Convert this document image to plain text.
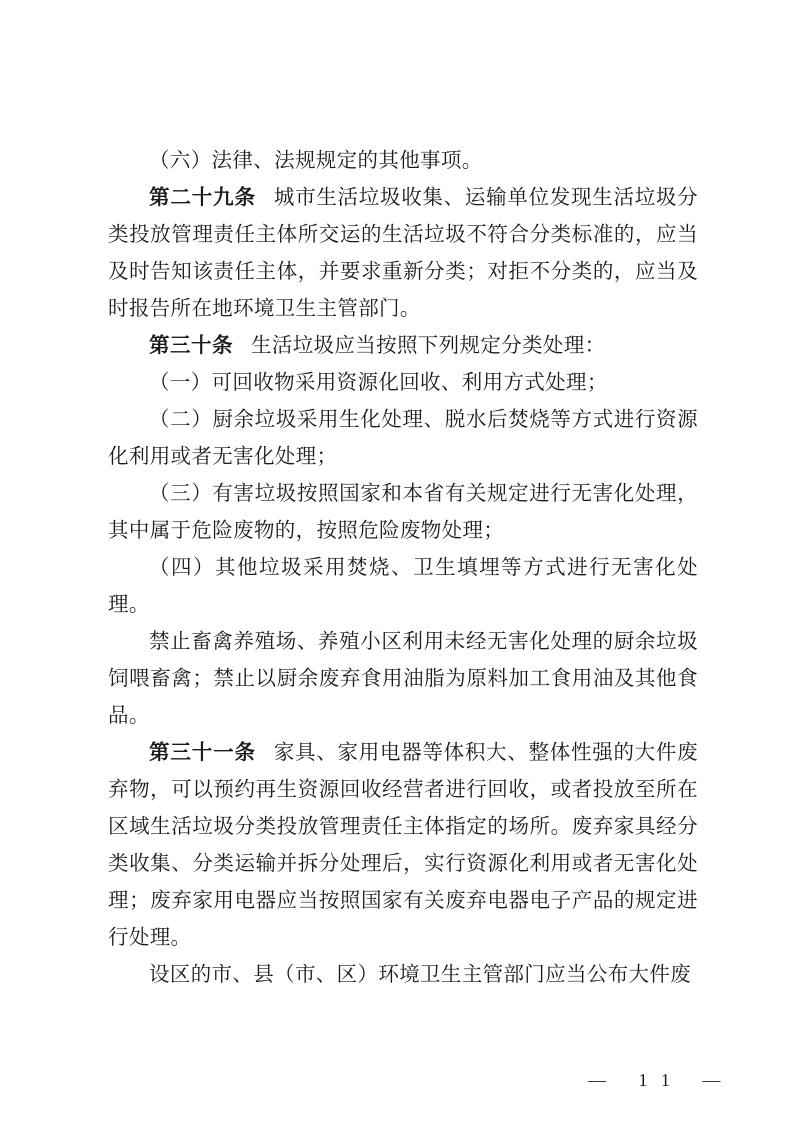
（六）法律、法规规定的其他事项。

第二十九条 城市生活垃圾收集、运输单位发现生活垃圾分类投放管理责任主体所交运的生活垃圾不符合分类标准的，应当及时告知该责任主体，并要求重新分类；对拒不分类的，应当及时报告所在地环境卫生主管部门。

第三十条 生活垃圾应当按照下列规定分类处理：

（一）可回收物采用资源化回收、利用方式处理；

（二）厨余垃圾采用生化处理、脱水后焚烧等方式进行资源化利用或者无害化处理；

（三）有害垃圾按照国家和本省有关规定进行无害化处理，其中属于危险废物的，按照危险废物处理；

（四）其他垃圾采用焚烧、卫生填埋等方式进行无害化处理。

禁止畜禽养殖场、养殖小区利用未经无害化处理的厨余垃圾饲喂畜禽；禁止以厨余废弃食用油脂为原料加工食用油及其他食品。

第三十一条 家具、家用电器等体积大、整体性强的大件废弃物，可以预约再生资源回收经营者进行回收，或者投放至所在区域生活垃圾分类投放管理责任主体指定的场所。废弃家具经分类收集、分类运输并拆分处理后，实行资源化利用或者无害化处理；废弃家用电器应当按照国家有关废弃电器电子产品的规定进行处理。

设区的市、县（市、区）环境卫生主管部门应当公布大件废

— 11 —
